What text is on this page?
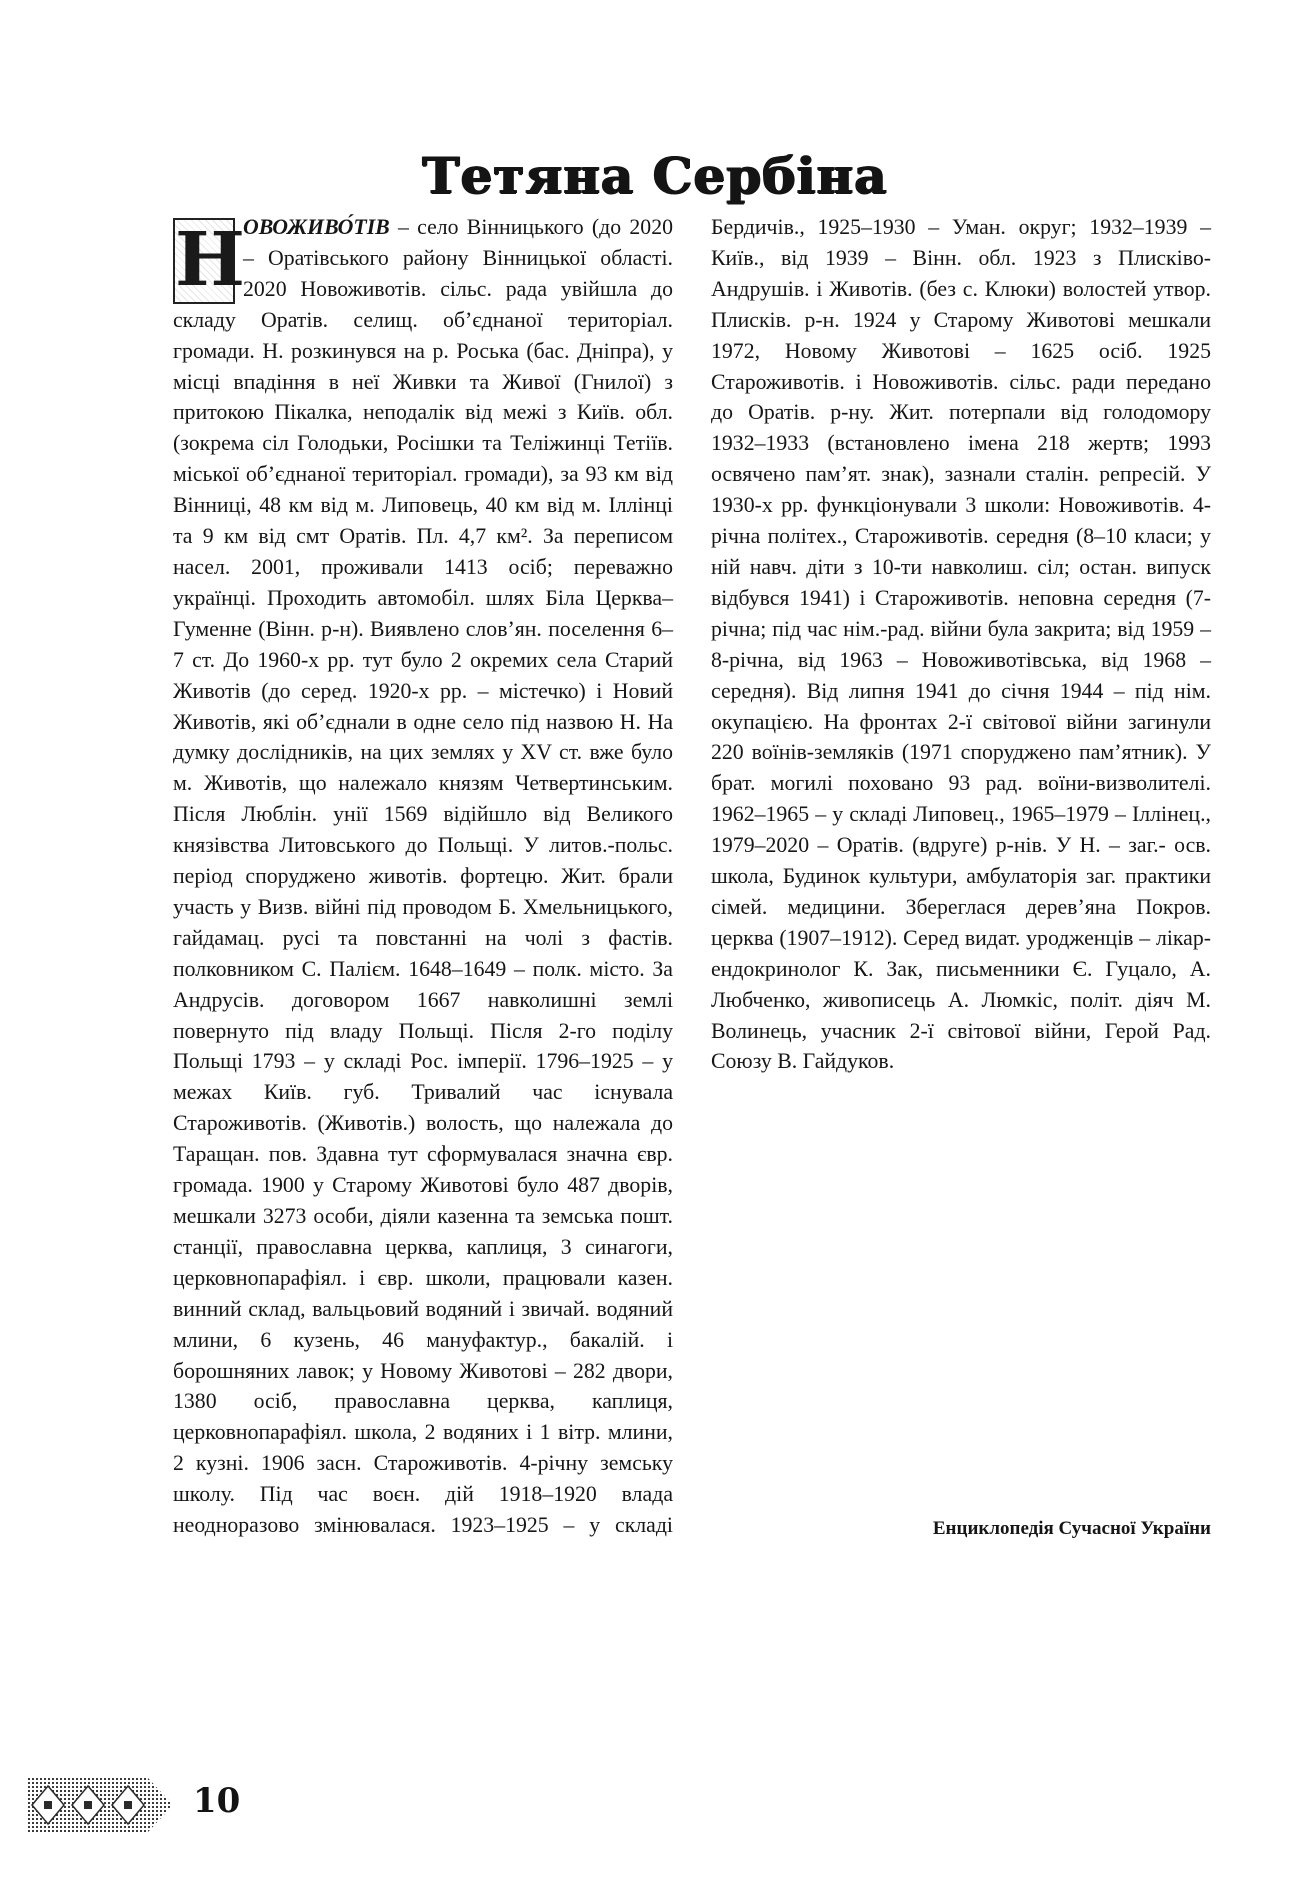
Тетяна Сербіна

Н
ОВОЖИВО́ТІВ – село Вінницького (до 2020 – Оратівського району Вінницької області. 2020 Новоживотів. сільс. рада увійшла до складу Оратів. селищ. об’єднаної територіал. громади. Н. розкинувся на р. Роська (бас. Дніпра), у місці впадіння в неї Живки та Живої (Гнилої) з притокою Пікалка, неподалік від межі з Київ. обл. (зокрема сіл Голодьки, Росішки та Теліжинці Тетіїв. міської об’єднаної територіал. громади), за 93 км від Вінниці, 48 км від м. Липовець, 40 км від м. Іллінці та 9 км від смт Оратів. Пл. 4,7 км². За переписом насел. 2001, проживали 1413 осіб; переважно українці. Проходить автомобіл. шлях Біла Церква–Гуменне (Вінн. р-н). Виявлено слов’ян. поселення 6–7 ст. До 1960-х рр. тут було 2 окремих села Старий Животів (до серед. 1920-х рр. – містечко) і Новий Животів, які об’єднали в одне село під назвою Н. На думку дослідників, на цих землях у XV ст. вже було м. Животів, що належало князям Четвертинським. Після Люблін. унії 1569 відійшло від Великого князівства Литовського до Польщі. У литов.-польс. період споруджено животів. фортецю. Жит. брали участь у Визв. війні під проводом Б. Хмельницького, гайдамац. русі та повстанні на чолі з фастів. полковником С. Палієм. 1648–1649 – полк. місто. За Андрусів. договором 1667 навколишні землі повернуто під владу Польщі. Після 2-го поділу Польщі 1793 – у складі Рос. імперії. 1796–1925 – у межах Київ. губ. Тривалий час існувала Староживотів. (Животів.) волость, що належала до Таращан. пов. Здавна тут сформувалася значна євр. громада. 1900 у Старому Животові було 487 дворів, мешкали 3273 особи, діяли казенна та земська пошт. станції, православна церква, каплиця, 3 синагоги, церковнопарафіял. і євр. школи, працювали казен. винний склад, вальцьовий водяний і звичай. водяний млини, 6 кузень, 46 мануфактур., бакалій. і борошняних лавок; у Новому Животові – 282 двори, 1380 осіб, православна церква, каплиця, церковнопарафіял. школа, 2 водяних і 1 вітр. млини, 2 кузні. 1906 засн. Староживотів. 4-річну земську школу. Під час воєн. дій 1918–1920 влада неодноразово змінювалася. 1923–1925 – у складі Бердичів., 1925–1930 – Уман. округ; 1932–1939 – Київ., від 1939 – Вінн. обл. 1923 з Плисківо-Андрушів. і Животів. (без с. Клюки) волостей утвор. Плисків. р-н. 1924 у Старому Животові мешкали 1972, Новому Животові – 1625 осіб. 1925 Староживотів. і Новоживотів. сільс. ради передано до Оратів. р-ну. Жит. потерпали від голодомору 1932–1933 (встановлено імена 218 жертв; 1993 освячено пам’ят. знак), зазнали сталін. репресій. У 1930-х рр. функціонували 3 школи: Новоживотів. 4-річна політех., Староживотів. середня (8–10 класи; у ній навч. діти з 10-ти навколиш. сіл; остан. випуск відбувся 1941) і Староживотів. неповна середня (7-річна; під час нім.-рад. війни була закрита; від 1959 – 8-річна, від 1963 – Новоживотівська, від 1968 – середня). Від липня 1941 до січня 1944 – під нім. окупацією. На фронтах 2-ї світової війни загинули 220 воїнів-земляків (1971 споруджено пам’ятник). У брат. могилі поховано 93 рад. воїни-визволителі. 1962–1965 – у складі Липовец., 1965–1979 – Іллінец., 1979–2020 – Оратів. (вдруге) р-нів. У Н. – заг.- осв. школа, Будинок культури, амбулаторія заг. практики сімей. медицини. Збереглася дерев’яна Покров. церква (1907–1912). Серед видат. уродженців – лікар-ендокринолог К. Зак, письменники Є. Гуцало, А. Любченко, живописець А. Люмкіс, політ. діяч М. Волинець, учасник 2-ї світової війни, Герой Рад. Союзу В. Гайдуков.

Енциклопедія Сучасної України

10
